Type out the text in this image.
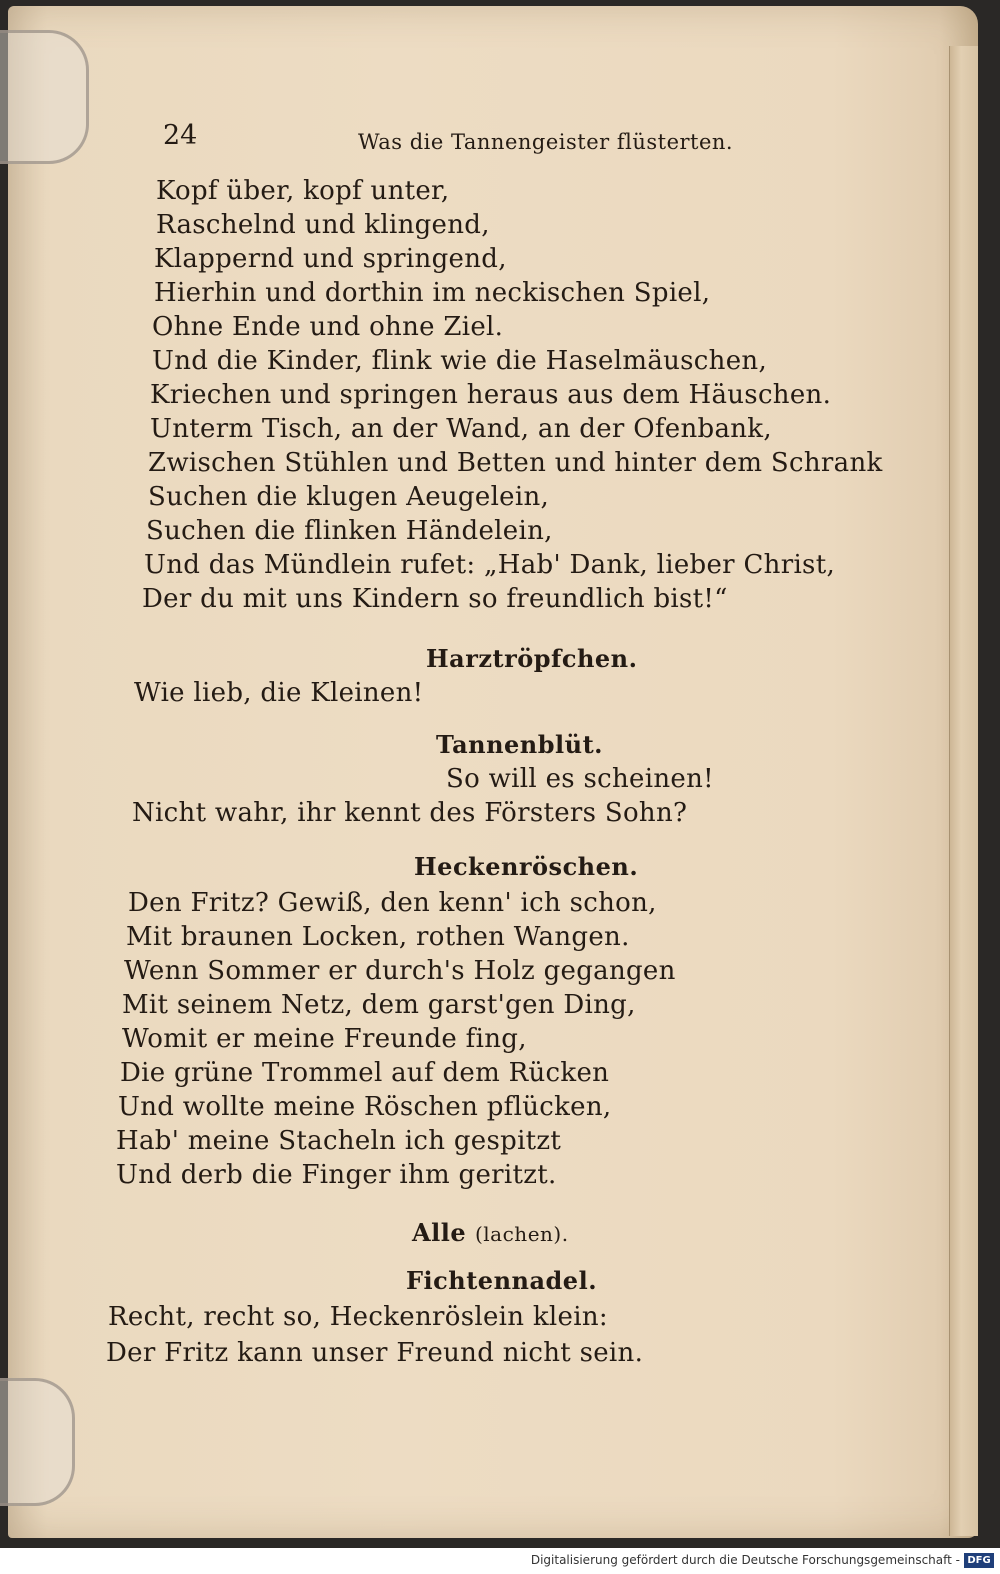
24	Was die Tannengeister flüsterten.
Kopf über, kopf unter,
Raschelnd und klingend,
Klappernd und springend,
Hierhin und dorthin im neckischen Spiel,
Ohne Ende und ohne Ziel.
Und die Kinder, flink wie die Haselmäuschen,
Kriechen und springen heraus aus dem Häuschen.
Unterm Tisch, an der Wand, an der Ofenbank,
Zwischen Stühlen und Betten und hinter dem Schrank
Suchen die klugen Aeugelein,
Suchen die flinken Händelein,
Und das Mündlein rufet: „Hab' Dank, lieber Christ,
Der du mit uns Kindern so freundlich bist!“
Harztröpfchen.
Wie lieb, die Kleinen!
Tannenblüt.
So will es scheinen!
Nicht wahr, ihr kennt des Försters Sohn?
Heckenröschen.
Den Fritz? Gewiß, den kenn' ich schon,
Mit braunen Locken, rothen Wangen.
Wenn Sommer er durch's Holz gegangen
Mit seinem Netz, dem garst'gen Ding,
Womit er meine Freunde fing,
Die grüne Trommel auf dem Rücken
Und wollte meine Röschen pflücken,
Hab' meine Stacheln ich gespitzt
Und derb die Finger ihm geritzt.
Alle (lachen).
Fichtennadel.
Recht, recht so, Heckenröslein klein:
Der Fritz kann unser Freund nicht sein.
Digitalisierung gefördert durch die Deutsche Forschungsgemeinschaft - DFG
